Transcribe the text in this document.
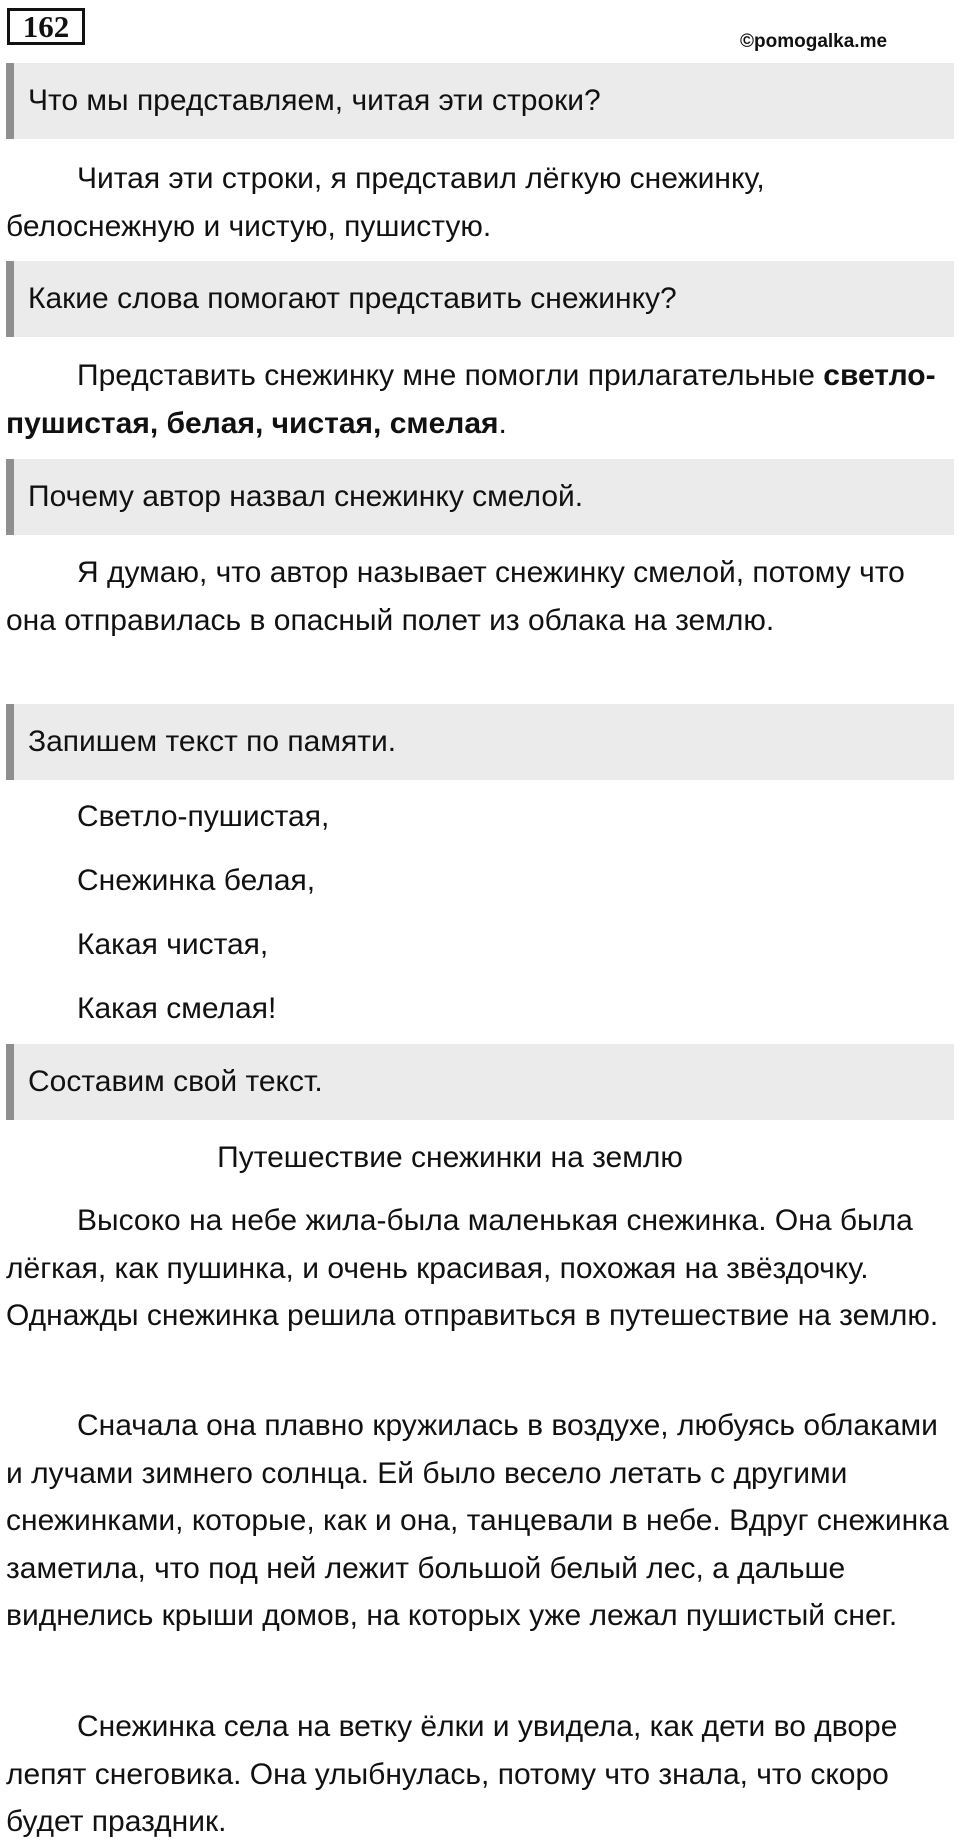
162	©pomogalka.me
Что мы представляем, читая эти строки?

Читая эти строки, я представил лёгкую снежинку, белоснежную и чистую, пушистую.

Какие слова помогают представить снежинку?

Представить снежинку мне помогли прилагательные светло-пушистая, белая, чистая, смелая.

Почему автор назвал снежинку смелой.

Я думаю, что автор называет снежинку смелой, потому что она отправилась в опасный полет из облака на землю.

Запишем текст по памяти.
Светло-пушистая,
Снежинка белая,
Какая чистая,
Какая смелая!
Составим свой текст.
Путешествие снежинки на землю

Высоко на небе жила-была маленькая снежинка. Она была лёгкая, как пушинка, и очень красивая, похожая на звёздочку. Однажды снежинка решила отправиться в путешествие на землю.

Сначала она плавно кружилась в воздухе, любуясь облаками и лучами зимнего солнца. Ей было весело летать с другими снежинками, которые, как и она, танцевали в небе. Вдруг снежинка заметила, что под ней лежит большой белый лес, а дальше виднелись крыши домов, на которых уже лежал пушистый снег.

Снежинка села на ветку ёлки и увидела, как дети во дворе лепят снеговика. Она улыбнулась, потому что знала, что скоро будет праздник.
